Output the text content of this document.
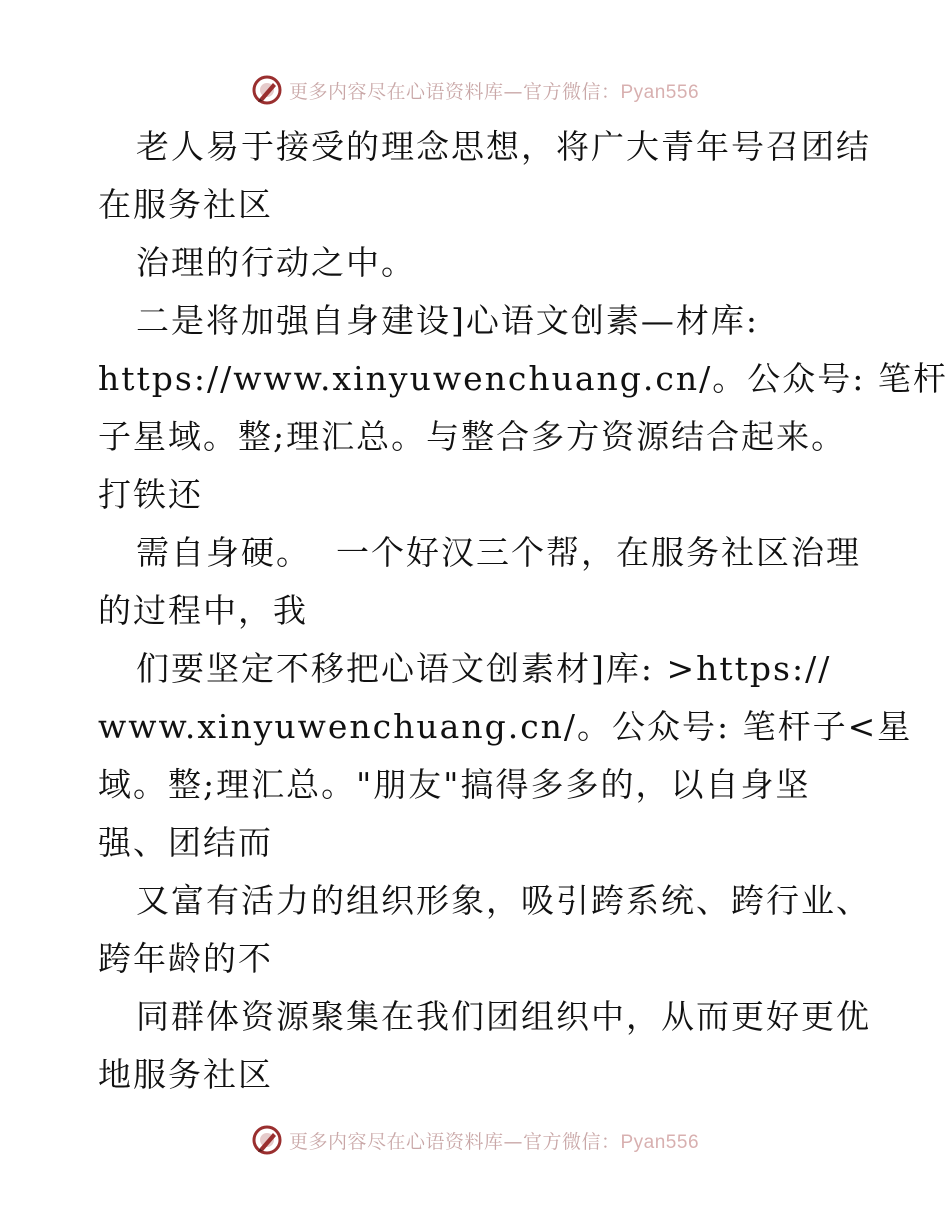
更多内容尽在心语资料库—官方微信：Pyan556
老人易于接受的理念思想，将广大青年号召团结
在服务社区
治理的行动之中。
二是将加强自身建设]心语文创素—材库:
https://www.xinyuwenchuang.cn/。公众号: 笔杆
子星域。整;理汇总。与整合多方资源结合起来。
打铁还
需自身硬。  一个好汉三个帮，在服务社区治理
的过程中，我
们要坚定不移把心语文创素材]库: >https://
www.xinyuwenchuang.cn/。公众号: 笔杆子<星
域。整;理汇总。"朋友"搞得多多的，以自身坚
强、团结而
又富有活力的组织形象，吸引跨系统、跨行业、
跨年龄的不
同群体资源聚集在我们团组织中，从而更好更优
地服务社区
更多内容尽在心语资料库—官方微信：Pyan556
